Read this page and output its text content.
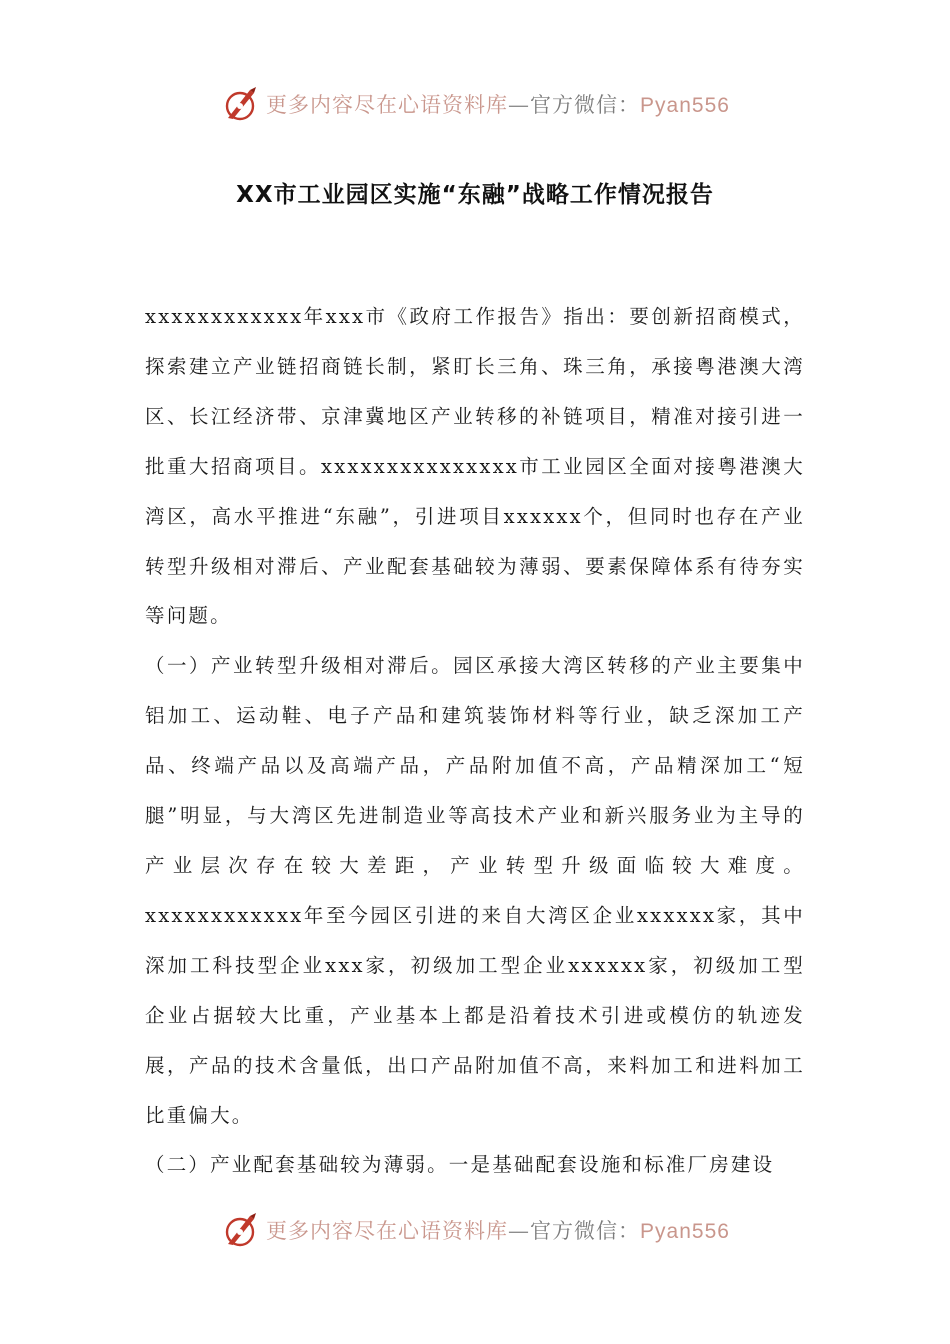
更多内容尽在心语资料库—官方微信：Pyan556
XX市工业园区实施“东融”战略工作情况报告

xxxxxxxxxxxx年xxx市《政府工作报告》指出：要创新招商模式，探索建立产业链招商链长制，紧盯长三角、珠三角，承接粤港澳大湾区、长江经济带、京津冀地区产业转移的补链项目，精准对接引进一批重大招商项目。xxxxxxxxxxxxxxx市工业园区全面对接粤港澳大湾区，高水平推进“东融”，引进项目xxxxxx个，但同时也存在产业转型升级相对滞后、产业配套基础较为薄弱、要素保障体系有待夯实等问题。

（一）产业转型升级相对滞后。园区承接大湾区转移的产业主要集中铝加工、运动鞋、电子产品和建筑装饰材料等行业，缺乏深加工产品、终端产品以及高端产品，产品附加值不高，产品精深加工“短腿”明显，与大湾区先进制造业等高技术产业和新兴服务业为主导的产业层次存在较大差距，产业转型升级面临较大难度。xxxxxxxxxxxx年至今园区引进的来自大湾区企业xxxxxx家，其中深加工科技型企业xxx家，初级加工型企业xxxxxx家，初级加工型企业占据较大比重，产业基本上都是沿着技术引进或模仿的轨迹发展，产品的技术含量低，出口产品附加值不高，来料加工和进料加工比重偏大。

（二）产业配套基础较为薄弱。一是基础配套设施和标准厂房建设

更多内容尽在心语资料库—官方微信：Pyan556
